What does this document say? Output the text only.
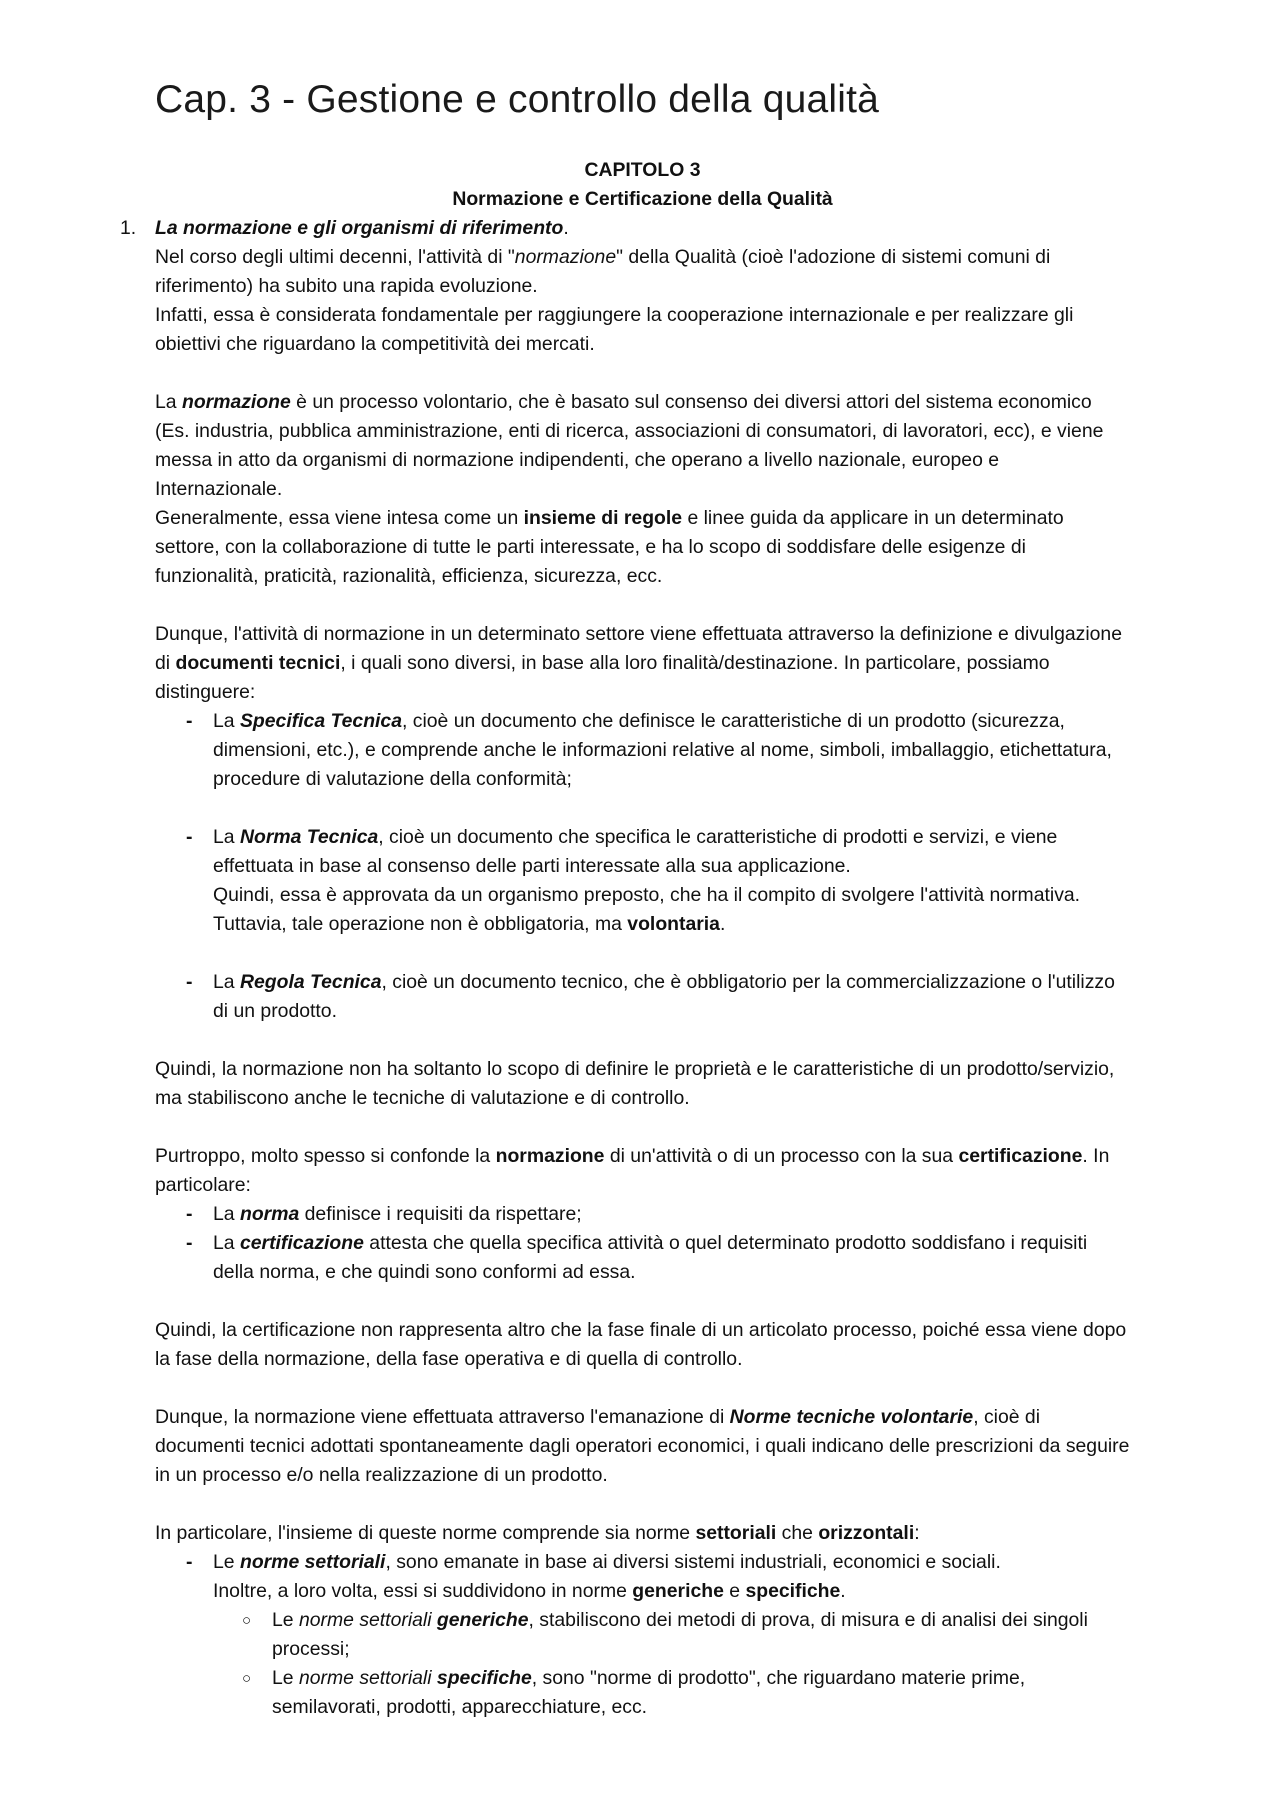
Cap. 3 - Gestione e controllo della qualità

CAPITOLO 3

Normazione e Certificazione della Qualità

1. La normazione e gli organismi di riferimento.

Nel corso degli ultimi decenni, l'attività di "normazione" della Qualità (cioè l'adozione di sistemi comuni di riferimento) ha subito una rapida evoluzione.

Infatti, essa è considerata fondamentale per raggiungere la cooperazione internazionale e per realizzare gli obiettivi che riguardano la competitività dei mercati.

La normazione è un processo volontario, che è basato sul consenso dei diversi attori del sistema economico (Es. industria, pubblica amministrazione, enti di ricerca, associazioni di consumatori, di lavoratori, ecc), e viene messa in atto da organismi di normazione indipendenti, che operano a livello nazionale, europeo e Internazionale.

Generalmente, essa viene intesa come un insieme di regole e linee guida da applicare in un determinato settore, con la collaborazione di tutte le parti interessate, e ha lo scopo di soddisfare delle esigenze di funzionalità, praticità, razionalità, efficienza, sicurezza, ecc.

Dunque, l'attività di normazione in un determinato settore viene effettuata attraverso la definizione e divulgazione di documenti tecnici, i quali sono diversi, in base alla loro finalità/destinazione. In particolare, possiamo distinguere:

- La Specifica Tecnica, cioè un documento che definisce le caratteristiche di un prodotto (sicurezza, dimensioni, etc.), e comprende anche le informazioni relative al nome, simboli, imballaggio, etichettatura, procedure di valutazione della conformità;
- La Norma Tecnica, cioè un documento che specifica le caratteristiche di prodotti e servizi, e viene effettuata in base al consenso delle parti interessate alla sua applicazione.
Quindi, essa è approvata da un organismo preposto, che ha il compito di svolgere l'attività normativa. Tuttavia, tale operazione non è obbligatoria, ma volontaria.
- La Regola Tecnica, cioè un documento tecnico, che è obbligatorio per la commercializzazione o l'utilizzo di un prodotto.

Quindi, la normazione non ha soltanto lo scopo di definire le proprietà e le caratteristiche di un prodotto/servizio, ma stabiliscono anche le tecniche di valutazione e di controllo.

Purtroppo, molto spesso si confonde la normazione di un'attività o di un processo con la sua certificazione. In particolare:

- La norma definisce i requisiti da rispettare;
- La certificazione attesta che quella specifica attività o quel determinato prodotto soddisfano i requisiti della norma, e che quindi sono conformi ad essa.

Quindi, la certificazione non rappresenta altro che la fase finale di un articolato processo, poiché essa viene dopo la fase della normazione, della fase operativa e di quella di controllo.

Dunque, la normazione viene effettuata attraverso l'emanazione di Norme tecniche volontarie, cioè di documenti tecnici adottati spontaneamente dagli operatori economici, i quali indicano delle prescrizioni da seguire in un processo e/o nella realizzazione di un prodotto.

In particolare, l'insieme di queste norme comprende sia norme settoriali che orizzontali:

- Le norme settoriali, sono emanate in base ai diversi sistemi industriali, economici e sociali.
Inoltre, a loro volta, essi si suddividono in norme generiche e specifiche.
○ Le norme settoriali generiche, stabiliscono dei metodi di prova, di misura e di analisi dei singoli processi;
○ Le norme settoriali specifiche, sono "norme di prodotto", che riguardano materie prime, semilavorati, prodotti, apparecchiature, ecc.
